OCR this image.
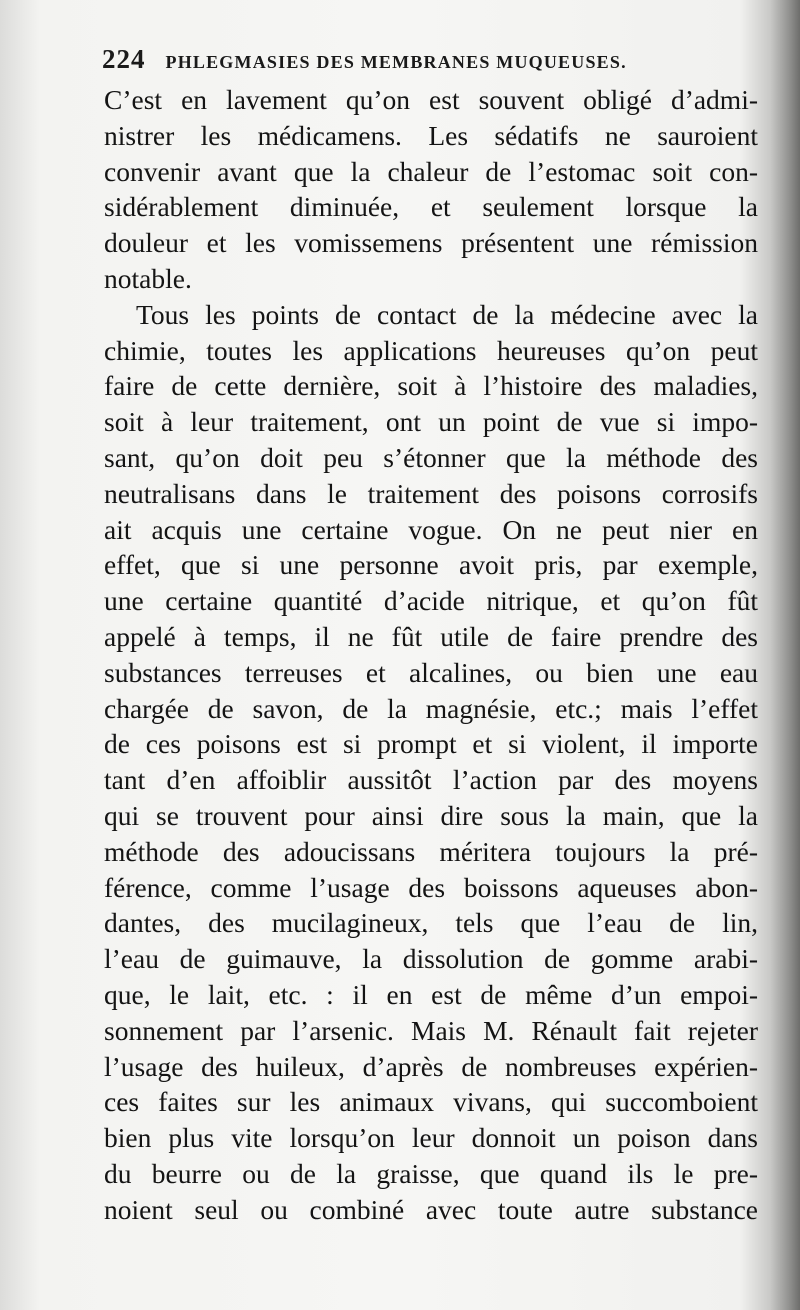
224 PHLEGMASIES DES MEMBRANES MUQUEUSES.
C’est en lavement qu’on est souvent obligé d’admi-
nistrer les médicamens. Les sédatifs ne sauroient
convenir avant que la chaleur de l’estomac soit con-
sidérablement diminuée, et seulement lorsque la
douleur et les vomissemens présentent une rémission
notable.
Tous les points de contact de la médecine avec la
chimie, toutes les applications heureuses qu’on peut
faire de cette dernière, soit à l’histoire des maladies,
soit à leur traitement, ont un point de vue si impo-
sant, qu’on doit peu s’étonner que la méthode des
neutralisans dans le traitement des poisons corrosifs
ait acquis une certaine vogue. On ne peut nier en
effet, que si une personne avoit pris, par exemple,
une certaine quantité d’acide nitrique, et qu’on fût
appelé à temps, il ne fût utile de faire prendre des
substances terreuses et alcalines, ou bien une eau
chargée de savon, de la magnésie, etc.; mais l’effet
de ces poisons est si prompt et si violent, il importe
tant d’en affoiblir aussitôt l’action par des moyens
qui se trouvent pour ainsi dire sous la main, que la
méthode des adoucissans méritera toujours la pré-
férence, comme l’usage des boissons aqueuses abon-
dantes, des mucilagineux, tels que l’eau de lin,
l’eau de guimauve, la dissolution de gomme arabi-
que, le lait, etc. : il en est de même d’un empoi-
sonnement par l’arsenic. Mais M. Rénault fait rejeter
l’usage des huileux, d’après de nombreuses expérien-
ces faites sur les animaux vivans, qui succomboient
bien plus vite lorsqu’on leur donnoit un poison dans
du beurre ou de la graisse, que quand ils le pre-
noient seul ou combiné avec toute autre substance
